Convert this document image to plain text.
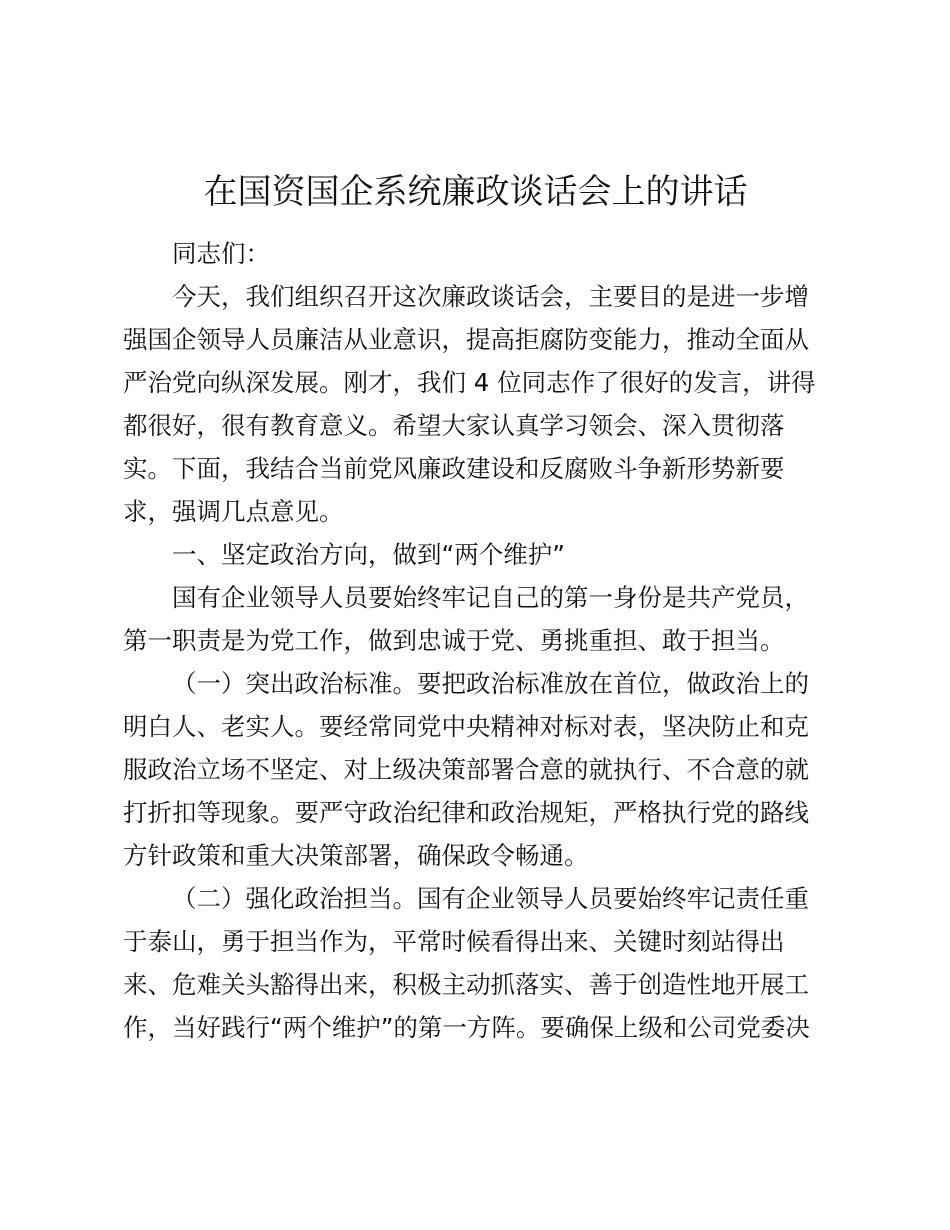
在国资国企系统廉政谈话会上的讲话

同志们：

今天，我们组织召开这次廉政谈话会，主要目的是进一步增
强国企领导人员廉洁从业意识，提高拒腐防变能力，推动全面从
严治党向纵深发展。刚才，我们 4 位同志作了很好的发言，讲得
都很好，很有教育意义。希望大家认真学习领会、深入贯彻落
实。下面，我结合当前党风廉政建设和反腐败斗争新形势新要
求，强调几点意见。

一、坚定政治方向，做到“两个维护”

国有企业领导人员要始终牢记自己的第一身份是共产党员，
第一职责是为党工作，做到忠诚于党、勇挑重担、敢于担当。

（一）突出政治标准。要把政治标准放在首位，做政治上的
明白人、老实人。要经常同党中央精神对标对表，坚决防止和克
服政治立场不坚定、对上级决策部署合意的就执行、不合意的就
打折扣等现象。要严守政治纪律和政治规矩，严格执行党的路线
方针政策和重大决策部署，确保政令畅通。

（二）强化政治担当。国有企业领导人员要始终牢记责任重
于泰山，勇于担当作为，平常时候看得出来、关键时刻站得出
来、危难关头豁得出来，积极主动抓落实、善于创造性地开展工
作，当好践行“两个维护”的第一方阵。要确保上级和公司党委决
